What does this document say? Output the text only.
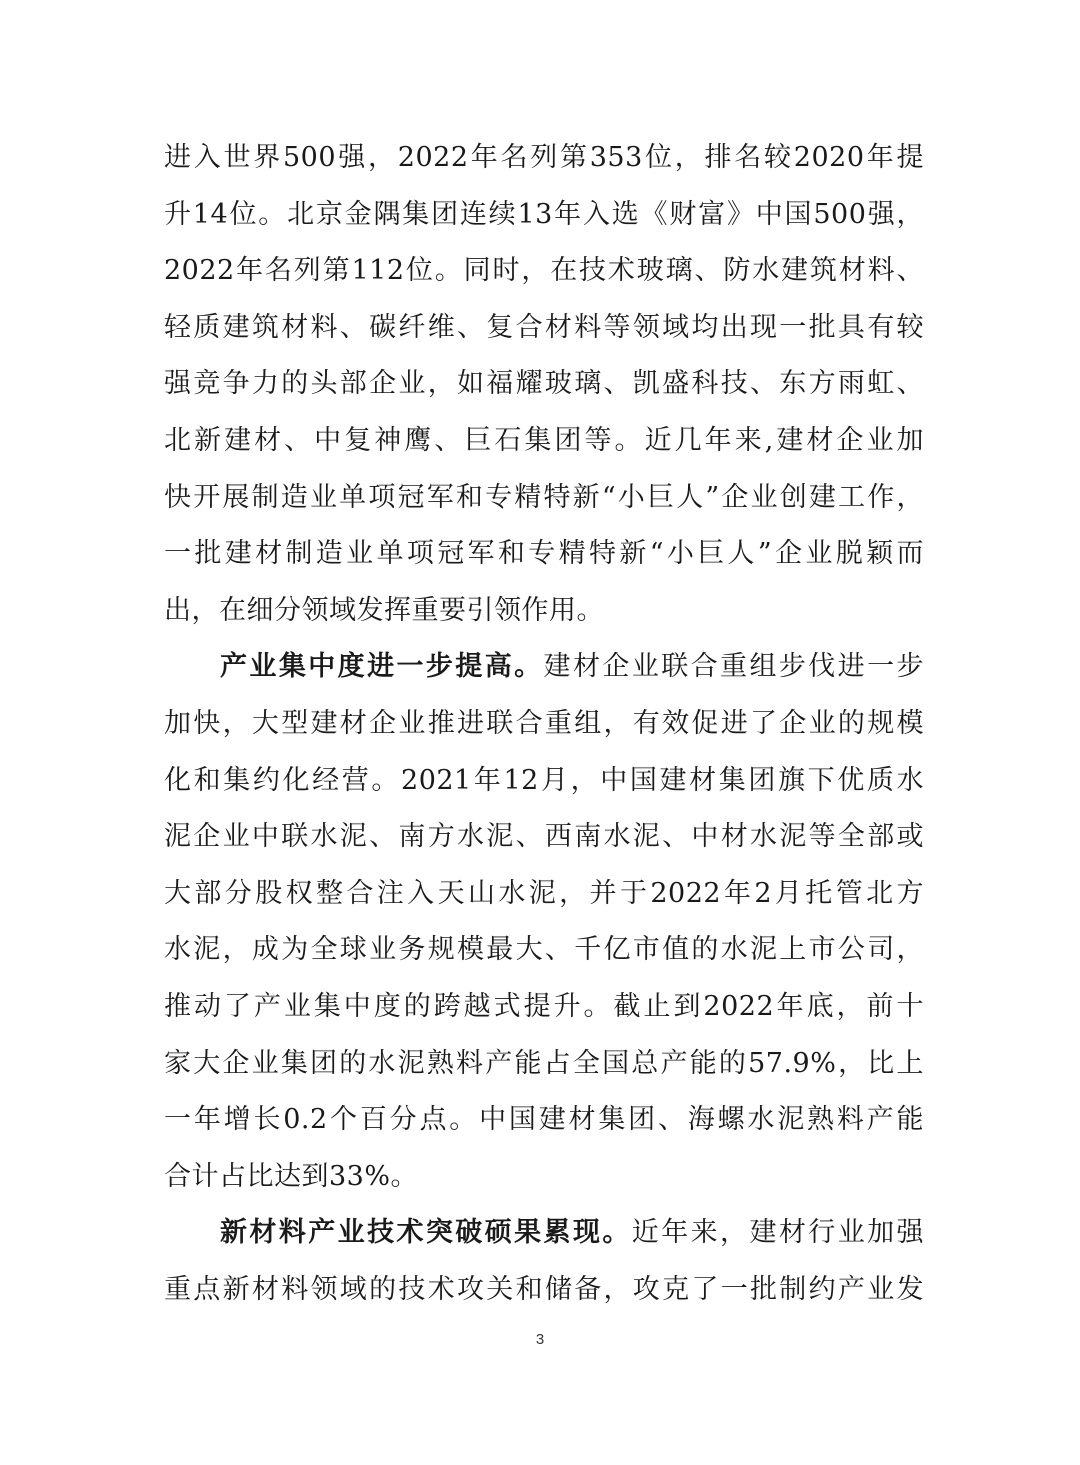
进入世界500强，2022年名列第353位，排名较2020年提
升14位。北京金隅集团连续13年入选《财富》中国500强，
2022年名列第112位。同时，在技术玻璃、防水建筑材料、
轻质建筑材料、碳纤维、复合材料等领域均出现一批具有较
强竞争力的头部企业，如福耀玻璃、凯盛科技、东方雨虹、
北新建材、中复神鹰、巨石集团等。近几年来,建材企业加
快开展制造业单项冠军和专精特新“小巨人”企业创建工作，
一批建材制造业单项冠军和专精特新“小巨人”企业脱颖而
出，在细分领域发挥重要引领作用。
产业集中度进一步提高。建材企业联合重组步伐进一步
加快，大型建材企业推进联合重组，有效促进了企业的规模
化和集约化经营。2021年12月，中国建材集团旗下优质水
泥企业中联水泥、南方水泥、西南水泥、中材水泥等全部或
大部分股权整合注入天山水泥，并于2022年2月托管北方
水泥，成为全球业务规模最大、千亿市值的水泥上市公司，
推动了产业集中度的跨越式提升。截止到2022年底，前十
家大企业集团的水泥熟料产能占全国总产能的57.9%，比上
一年增长0.2个百分点。中国建材集团、海螺水泥熟料产能
合计占比达到33%。
新材料产业技术突破硕果累现。近年来，建材行业加强
重点新材料领域的技术攻关和储备，攻克了一批制约产业发
3
